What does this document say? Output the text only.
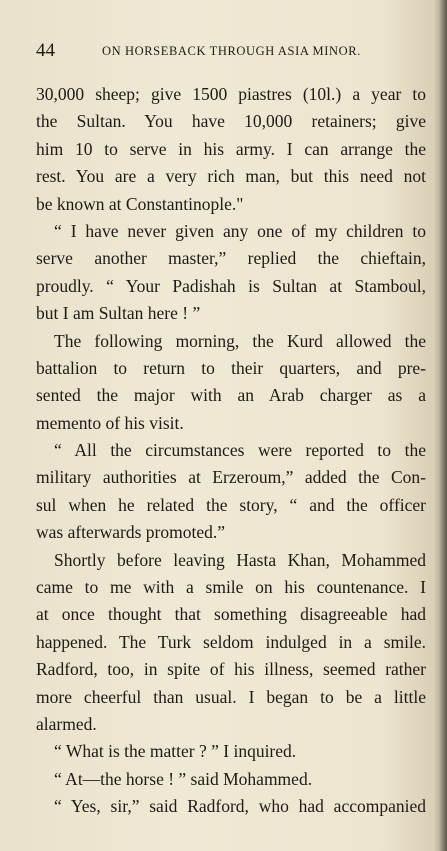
44	ON HORSEBACK THROUGH ASIA MINOR.
30,000 sheep; give 1500 piastres (10l.) a year to
the Sultan. You have 10,000 retainers; give
him 10 to serve in his army. I can arrange the
rest. You are a very rich man, but this need not
be known at Constantinople."
“ I have never given any one of my children to
serve another master,” replied the chieftain,
proudly. “ Your Padishah is Sultan at Stamboul,
but I am Sultan here ! ”
The following morning, the Kurd allowed the
battalion to return to their quarters, and pre-
sented the major with an Arab charger as a
memento of his visit.
“ All the circumstances were reported to the
military authorities at Erzeroum,” added the Con-
sul when he related the story, “ and the officer
was afterwards promoted.”
Shortly before leaving Hasta Khan, Mohammed
came to me with a smile on his countenance. I
at once thought that something disagreeable had
happened. The Turk seldom indulged in a smile.
Radford, too, in spite of his illness, seemed rather
more cheerful than usual. I began to be a little
alarmed.
“ What is the matter ? ” I inquired.
“ At—the horse ! ” said Mohammed.
“ Yes, sir,” said Radford, who had accompanied
